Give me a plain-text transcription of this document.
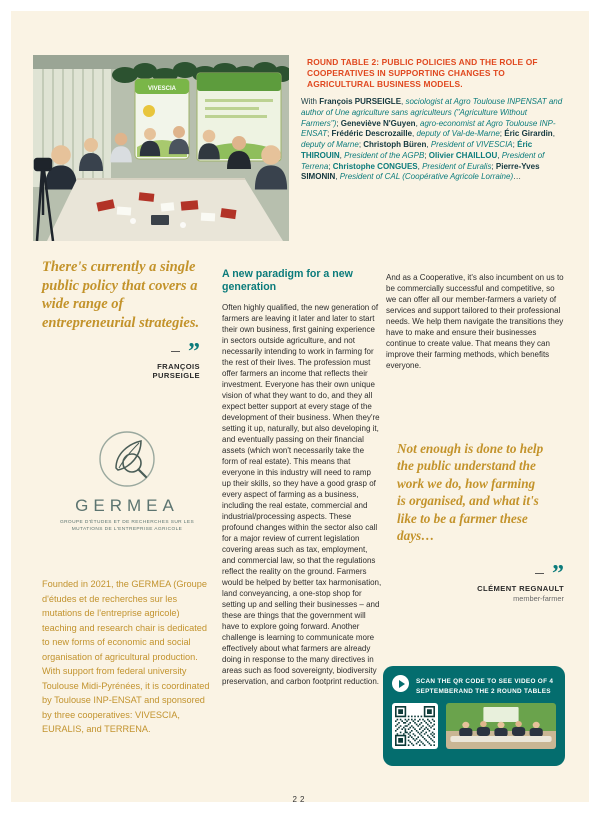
VIVESCIA
ROUND TABLE 2: PUBLIC POLICIES AND THE ROLE OF COOPERATIVES IN SUPPORTING CHANGES TO AGRICULTURAL BUSINESS MODELS.
With François PURSEIGLE, sociologist at Agro Toulouse INPENSAT and author of Une agriculture sans agriculteurs ("Agriculture Without Farmers"); Geneviève N'Guyen, agro-economist at Agro Toulouse INP-ENSAT; Frédéric Descrozaille, deputy of Val-de-Marne; Éric Girardin, deputy of Marne; Christoph Büren, President of VIVESCIA; Éric THIROUIN, President of the AGPB; Olivier CHAILLOU, President of Terrena; Christophe CONGUES, President of Euralis; Pierre-Yves SIMONIN, President of CAL (Coopérative Agricole Lorraine)…
There's currently a single public policy that covers a wide range of entrepreneurial strategies.
— ”
FRANÇOIS PURSEIGLE
GERMEA
GROUPE D'ÉTUDES ET DE RECHERCHES SUR LES MUTATIONS DE L'ENTREPRISE AGRICOLE
Founded in 2021, the GERMEA (Groupe d'études et de recherches sur les mutations de l'entreprise agricole) teaching and research chair is dedicated to new forms of economic and social organisation of agricultural production. With support from federal university Toulouse Midi-Pyrénées, it is coordinated by Toulouse INP-ENSAT and sponsored by three cooperatives: VIVESCIA, EURALIS, and TERRENA.
A new paradigm for a new generation
Often highly qualified, the new generation of farmers are leaving it later and later to start their own business, first gaining experience in sectors outside agriculture, and not necessarily intending to work in farming for the rest of their lives. The profession must offer farmers an income that reflects their investment. Everyone has their own unique vision of what they want to do, and they all expect better support at every stage of the development of their business. When they're setting it up, naturally, but also developing it, and eventually passing on their financial assets (which won't necessarily take the form of real estate). This means that everyone in this industry will need to ramp up their skills, so they have a good grasp of every aspect of farming as a business, including the real estate, commercial and industrial/processing aspects. These profound changes within the sector also call for a major review of current legislation covering areas such as tax, employment, and commercial law, so that the regulations reflect the reality on the ground. Farmers would be helped by better tax harmonisation, land conveyancing, a one-stop shop for setting up and selling their businesses – and these are things that the government will have to explore going forward. Another challenge is learning to communicate more effectively about what farmers are already doing in response to the many directives in areas such as food sovereignty, biodiversity preservation, and carbon footprint reduction.
And as a Cooperative, it's also incumbent on us to be commercially successful and competitive, so we can offer all our member-farmers a variety of services and support tailored to their professional needs. We help them navigate the transitions they have to make and ensure their businesses continue to create value. That means they can improve their farming methods, which benefits everyone.
Not enough is done to help the public understand the work we do, how farming is organised, and what it's like to be a farmer these days…
— ”
CLÉMENT REGNAULT
member-farmer
SCAN THE QR CODE TO SEE VIDEO OF 4 SEPTEMBERAND THE 2 ROUND TABLES
22
